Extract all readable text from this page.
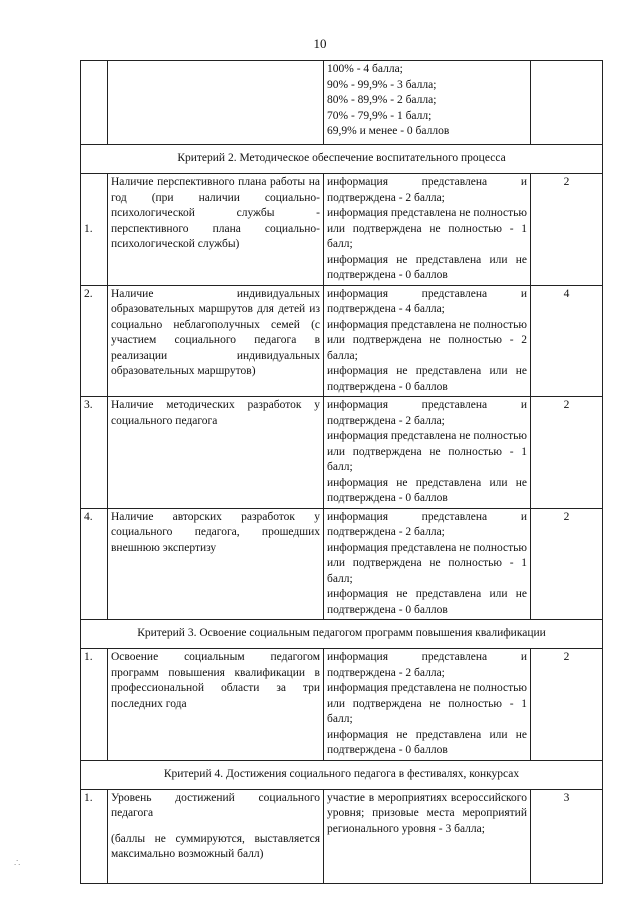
10

		100% - 4 балла;

90% - 99,9% - 3 балла;

80% - 89,9% - 2 балла;

70% - 79,9% - 1 балл;

69,9% и менее - 0 баллов	

Критерий 2. Методическое обеспечение воспитательного процесса			
1.	Наличие перспективного плана работы на год (при наличии социально-психологической службы - перспективного плана социально-психологической службы)	информация представлена и подтверждена - 2 балла;

информация представлена не полностью или подтверждена не полностью - 1 балл;

информация не представлена или не подтверждена - 0 баллов	2

2.	Наличие индивидуальных образовательных маршрутов для детей из социально неблагополучных семей (с участием социального педагога в реализации индивидуальных образовательных маршрутов)	информация представлена и подтверждена - 4 балла;

информация представлена не полностью или подтверждена не полностью - 2 балла;

информация не представлена или не подтверждена - 0 баллов	4

3.	Наличие методических разработок у социального педагога	информация представлена и подтверждена - 2 балла;

информация представлена не полностью или подтверждена не полностью - 1 балл;

информация не представлена или не подтверждена - 0 баллов	2

4.	Наличие авторских разработок у социального педагога, прошедших внешнюю экспертизу	информация представлена и подтверждена - 2 балла;

информация представлена не полностью или подтверждена не полностью - 1 балл;

информация не представлена или не подтверждена - 0 баллов	2

Критерий 3. Освоение социальным педагогом программ повышения квалификации			
1.	Освоение социальным педагогом программ повышения квалификации в профессиональной области за три последних года	информация представлена и подтверждена - 2 балла;

информация представлена не полностью или подтверждена не полностью - 1 балл;

информация не представлена или не подтверждена - 0 баллов	2

Критерий 4. Достижения социального педагога в фестивалях, конкурсах			
1.	Уровень достижений социального педагога

(баллы не суммируются, выставляется максимально возможный балл)	участие в мероприятиях всероссийского уровня; призовые места мероприятий регионального уровня - 3 балла;	3

∴
